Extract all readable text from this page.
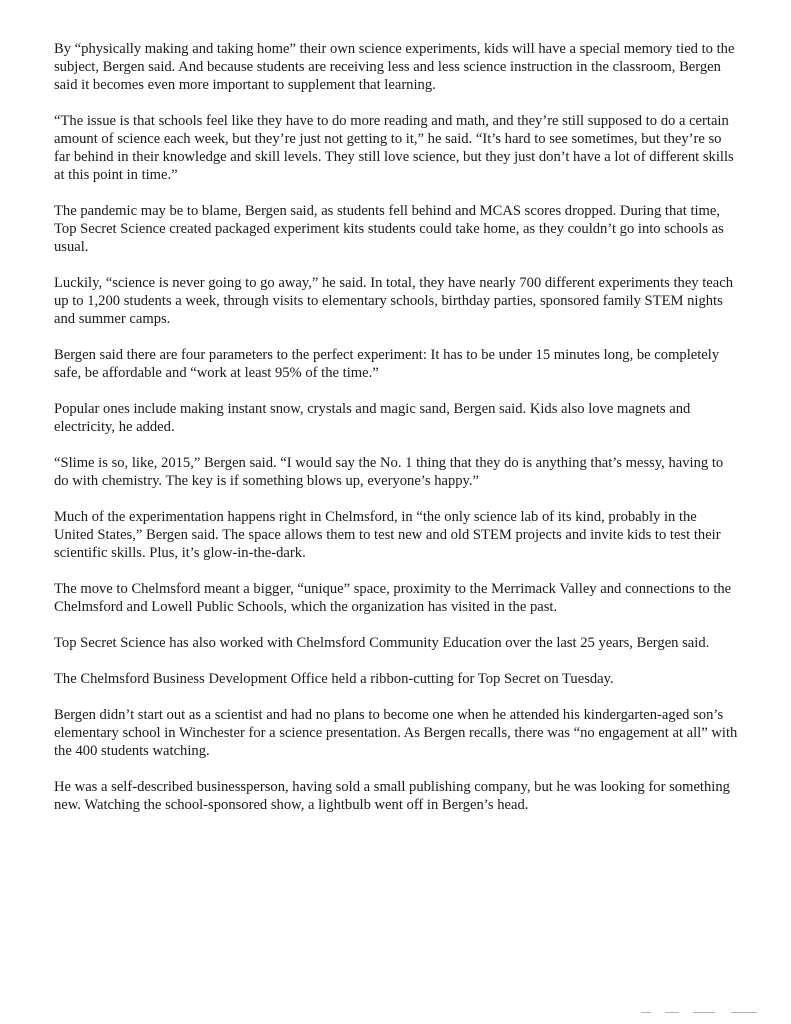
By “physically making and taking home” their own science experiments, kids will have a special memory tied to the subject, Bergen said. And because students are receiving less and less science instruction in the classroom, Bergen said it becomes even more important to supplement that learning.

“The issue is that schools feel like they have to do more reading and math, and they’re still supposed to do a certain amount of science each week, but they’re just not getting to it,” he said. “It’s hard to see sometimes, but they’re so far behind in their knowledge and skill levels. They still love science, but they just don’t have a lot of different skills at this point in time.”

The pandemic may be to blame, Bergen said, as students fell behind and MCAS scores dropped. During that time, Top Secret Science created packaged experiment kits students could take home, as they couldn’t go into schools as usual.

Luckily, “science is never going to go away,” he said. In total, they have nearly 700 different experiments they teach up to 1,200 students a week, through visits to elementary schools, birthday parties, sponsored family STEM nights and summer camps.

Bergen said there are four parameters to the perfect experiment: It has to be under 15 minutes long, be completely safe, be affordable and “work at least 95% of the time.”

Popular ones include making instant snow, crystals and magic sand, Bergen said. Kids also love magnets and electricity, he added.

“Slime is so, like, 2015,” Bergen said. “I would say the No. 1 thing that they do is anything that’s messy, having to do with chemistry. The key is if something blows up, everyone’s happy.”

Much of the experimentation happens right in Chelmsford, in “the only science lab of its kind, probably in the United States,” Bergen said. The space allows them to test new and old STEM projects and invite kids to test their scientific skills. Plus, it’s glow-in-the-dark.

The move to Chelmsford meant a bigger, “unique” space, proximity to the Merrimack Valley and connections to the Chelmsford and Lowell Public Schools, which the organization has visited in the past.

Top Secret Science has also worked with Chelmsford Community Education over the last 25 years, Bergen said.

The Chelmsford Business Development Office held a ribbon-cutting for Top Secret on Tuesday.

Bergen didn’t start out as a scientist and had no plans to become one when he attended his kindergarten-aged son’s elementary school in Winchester for a science presentation. As Bergen recalls, there was “no engagement at all” with the 400 students watching.

He was a self-described businessperson, having sold a small publishing company, but he was looking for something new. Watching the school-sponsored show, a lightbulb went off in Bergen’s head.
